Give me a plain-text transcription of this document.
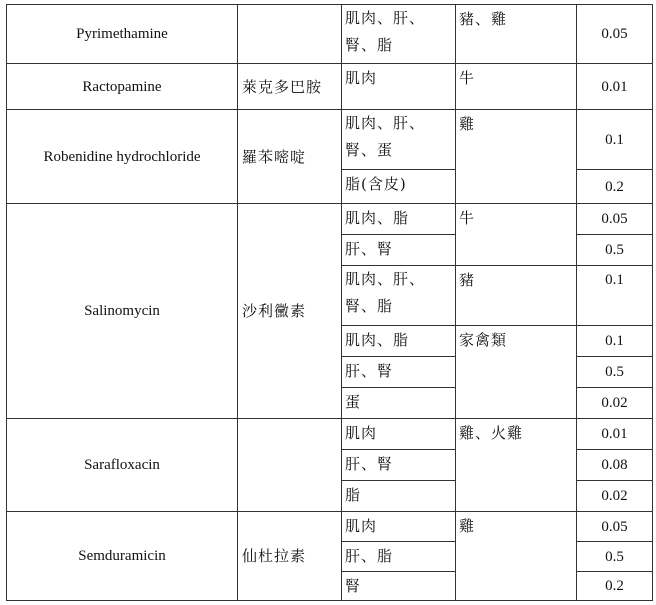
Pyrimethamine		肌肉、肝、腎、脂	豬、雞	0.05
Ractopamine	萊克多巴胺	肌肉	牛	0.01
Robenidine hydrochloride	羅苯嘧啶	肌肉、肝、腎、蛋	雞	0.1
		脂(含皮)		0.2
Salinomycin	沙利黴素	肌肉、脂	牛	0.05
		肝、腎		0.5

		肌肉、肝、腎、脂	豬	0.1
		肌肉、脂	家禽類	0.1
		肝、腎		0.5
		蛋		0.02
Sarafloxacin		肌肉	雞、火雞	0.01
		肝、腎		0.08
		脂		0.02
Semduramicin	仙杜拉素	肌肉	雞	0.05
		肝、脂		0.5
		腎		0.2
